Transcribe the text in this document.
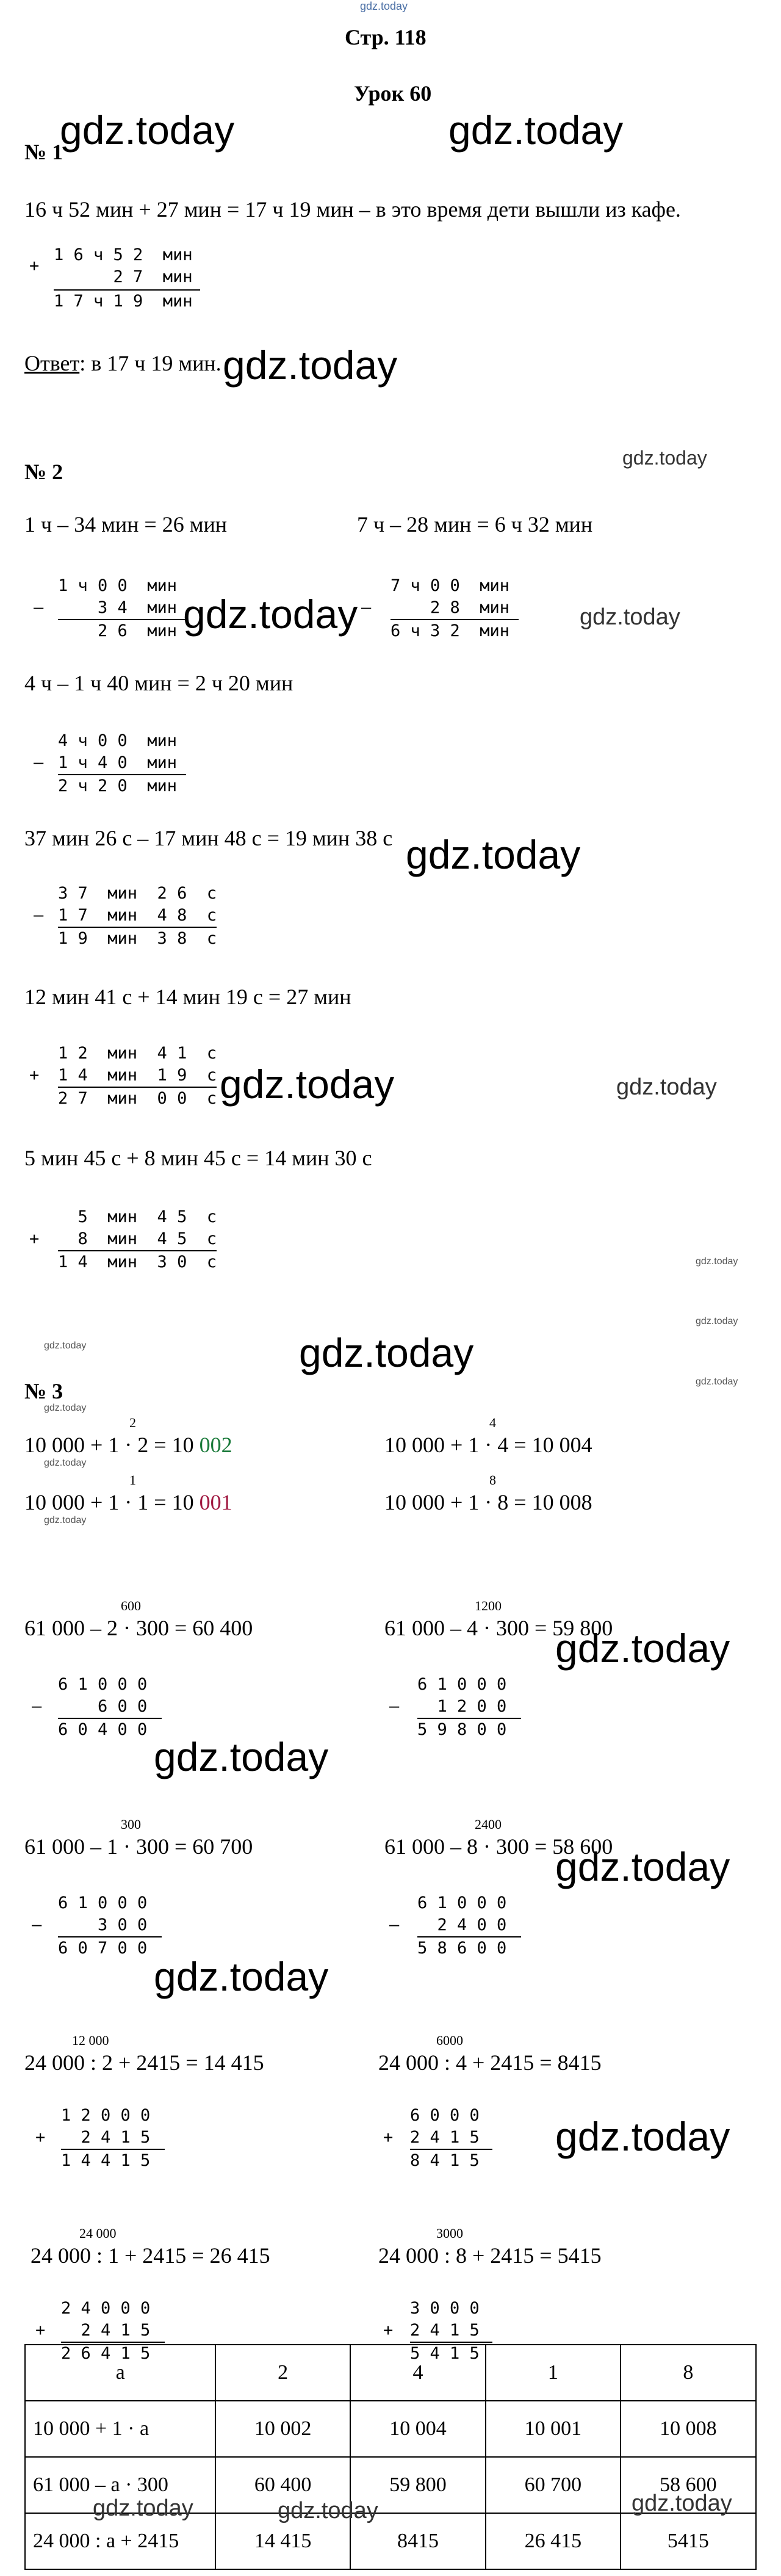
gdz.today
Стр. 118
Урок 60
№ 1
gdz.today	gdz.today
16 ч 52 мин + 27 мин = 17 ч 19 мин – в это время дети вышли из кафе.
+
1 6 ч 5 2  мин
2 7  мин
1 7 ч 1 9  мин
Ответ: в 17 ч 19 мин. gdz.today
gdz.today
№ 2
1 ч – 34 мин = 26 мин	7 ч – 28 мин = 6 ч 32 мин
–
1 ч 0 0  мин
3 4  мин
2 6  мин
–
7 ч 0 0  мин
2 8  мин
6 ч 3 2  мин
gdz.today	gdz.today
4 ч – 1 ч 40 мин = 2 ч 20 мин
–
4 ч 0 0  мин
1 ч 4 0  мин
2 ч 2 0  мин
37 мин 26 с – 17 мин 48 с = 19 мин 38 с gdz.today
–
3 7  мин  2 6  с
1 7  мин  4 8  с
1 9  мин  3 8  с
12 мин 41 с + 14 мин 19 с = 27 мин
+
1 2  мин  4 1  с
1 4  мин  1 9  с
2 7  мин  0 0  с gdz.today	gdz.today
5 мин 45 с + 8 мин 45 с = 14 мин 30 с
+
5  мин  4 5  с
8  мин  4 5  с
1 4  мин  3 0  с	gdz.today
gdz.today
gdz.today
gdz.today	gdz.today
№ 3
gdz.today
2
10 000 + 1 · 2 = 10 002
4
10 000 + 1 · 4 = 10 004
gdz.today
1
10 000 + 1 · 1 = 10 001
8
10 000 + 1 · 8 = 10 008
gdz.today
600
61 000 – 2 · 300 = 60 400
1200
61 000 – 4 · 300 = 59 800
gdz.today
–
6 1 0 0 0
6 0 0
6 0 4 0 0
gdz.today
–
6 1 0 0 0
1 2 0 0
5 9 8 0 0
300
61 000 – 1 · 300 = 60 700
2400
61 000 – 8 · 300 = 58 600
gdz.today
–
6 1 0 0 0
3 0 0
6 0 7 0 0
gdz.today
–
6 1 0 0 0
2 4 0 0
5 8 6 0 0
12 000
24 000 : 2 + 2415 = 14 415
6000
24 000 : 4 + 2415 = 8415
+
1 2 0 0 0
2 4 1 5
1 4 4 1 5
+
6 0 0 0
2 4 1 5
8 4 1 5
gdz.today
24 000
24 000 : 1 + 2415 = 26 415
3000
24 000 : 8 + 2415 = 5415
+
2 4 0 0 0
2 4 1 5
2 6 4 1 5
+
3 0 0 0
2 4 1 5
5 4 1 5
a	2	4	1	8
10 000 + 1 · a	10 002	10 004	10 001	10 008
61 000 – a · 300	60 400	59 800	60 700	58 600
24 000 : a + 2415	14 415	8415	26 415	5415
gdz.today	gdz.today	gdz.today
